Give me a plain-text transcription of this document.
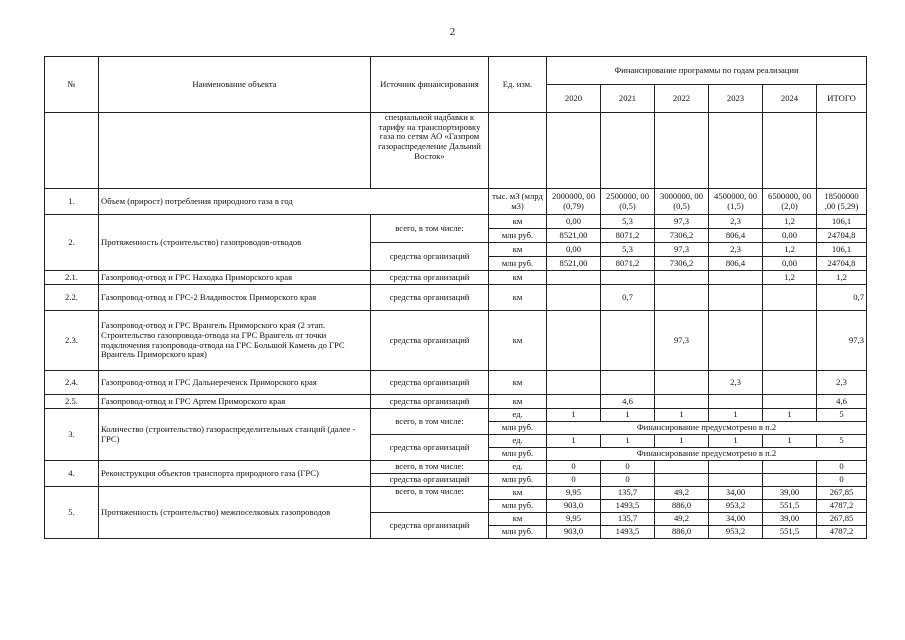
2
№	Наименование объекта	Источник финансирования	Ед. изм.	Финансирование программы по годам реализации					
				2020	2021	2022	2023	2024	ИТОГО
		специальной надбавки к тарифу на транспортировку газа по сетям АО «Газпром газораспределение Дальний Восток»							
1.	Объем (прирост) потребления природного газа в год		тыс. м3 (млрд м3)	2000000, 00 (0,79)	2500000, 00 (0,5)	3000000, 00 (0,5)	4500000, 00 (1,5)	6500000, 00 (2,0)	18500000 ,00 (5,29)
2.	Протяженность (строительство) газопроводов-отводов	всего, в том числе:	км	0,00	5,3	97,3	2,3	1,2	106,1
			млн руб.	8521,00	8071,2	7306,2	806,4	0,00	24704,8
		средства организаций	км	0,00	5,3	97,3	2,3	1,2	106,1
			млн руб.	8521,00	8071,2	7306,2	806,4	0,00	24704,8
2.1.	Газопровод-отвод и ГРС Находка Приморского края	средства организаций	км					1,2	1,2
2.2.	Газопровод-отвод и ГРС-2 Владивосток Приморского края	средства организаций	км		0,7				0,7
2.3.	Газопровод-отвод и ГРС Врангель Приморского края (2 этап. Строительство газопровода-отвода на ГРС Врангель от точки подключения газопровода-отвода на ГРС Большой Камень до ГРС Врангель Приморского края)	средства организаций	км			97,3			97,3
2.4.	Газопровод-отвод и ГРС Дальнереченск Приморского края	средства организаций	км				2,3		2,3
2.5.	Газопровод-отвод и ГРС Артем Приморского края	средства организаций	км		4,6				4,6
3.	Количество (строительство) газораспределительных станций (далее - ГРС)	всего, в том числе:	ед.	1	1	1	1	1	5
			млн руб.	Финансирование предусмотрено в п.2					
		средства организаций	ед.	1	1	1	1	1	5
			млн руб.	Финансирование предусмотрено в п.2					
4.	Реконструкция объектов транспорта природного газа (ГРС)	всего, в том числе:	ед.	0	0				0
		средства организаций	млн руб.	0	0				0
5.	Протяженность (строительство) межпоселковых газопроводов	всего, в том числе:	км	9,95	135,7	49,2	34,00	39,00	267,85
			млн руб.	903,0	1493,5	886,0	953,2	551,5	4787,2
		средства организаций	км	9,95	135,7	49,2	34,00	39,00	267,85
			млн руб.	903,0	1493,5	886,0	953,2	551,5	4787,2
